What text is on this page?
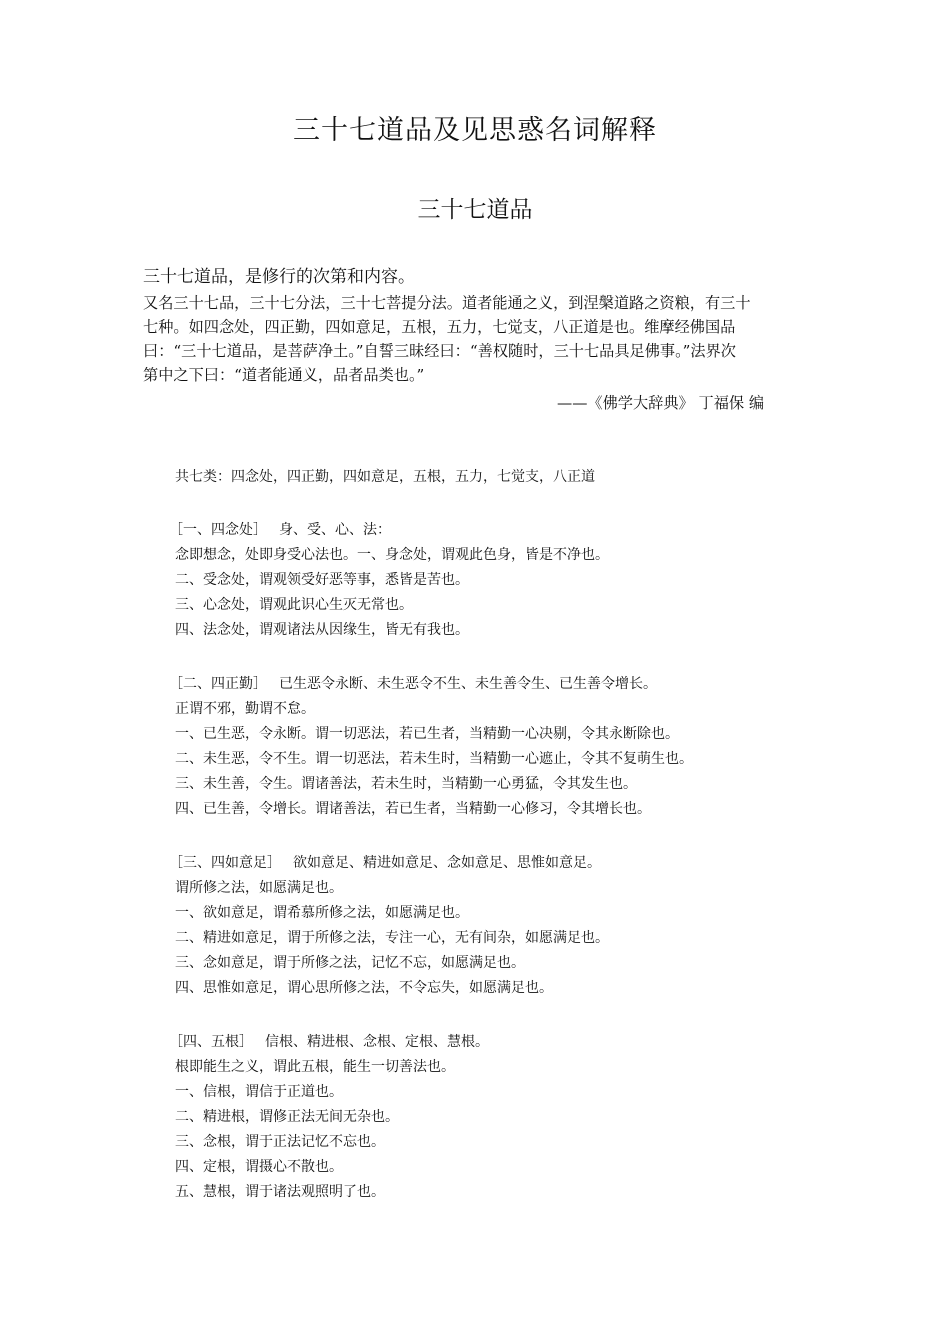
三十七道品及见思惑名词解释
三十七道品
三十七道品，是修行的次第和内容。
又名三十七品，三十七分法，三十七菩提分法。道者能通之义，到涅槃道路之资粮，有三十
七种。如四念处，四正勤，四如意足，五根，五力，七觉支，八正道是也。维摩经佛国品
曰：“三十七道品，是菩萨净土。”自誓三昧经曰：“善权随时，三十七品具足佛事。”法界次
第中之下曰：“道者能通义，品者品类也。”
——《佛学大辞典》 丁福保 编
共七类：四念处，四正勤，四如意足，五根，五力，七觉支，八正道
［一、四念处］ 身、受、心、法：
念即想念，处即身受心法也。一、身念处，谓观此色身，皆是不净也。
二、受念处，谓观领受好恶等事，悉皆是苦也。
三、心念处，谓观此识心生灭无常也。
四、法念处，谓观诸法从因缘生，皆无有我也。
［二、四正勤］ 已生恶令永断、未生恶令不生、未生善令生、已生善令增长。
正谓不邪，勤谓不怠。
一、已生恶，令永断。谓一切恶法，若已生者，当精勤一心决剔，令其永断除也。
二、未生恶，令不生。谓一切恶法，若未生时，当精勤一心遮止，令其不复萌生也。
三、未生善，令生。谓诸善法，若未生时，当精勤一心勇猛，令其发生也。
四、已生善，令增长。谓诸善法，若已生者，当精勤一心修习，令其增长也。
［三、四如意足］ 欲如意足、精进如意足、念如意足、思惟如意足。
谓所修之法，如愿满足也。
一、欲如意足，谓希慕所修之法，如愿满足也。
二、精进如意足，谓于所修之法，专注一心，无有间杂，如愿满足也。
三、念如意足，谓于所修之法，记忆不忘，如愿满足也。
四、思惟如意足，谓心思所修之法，不令忘失，如愿满足也。
［四、五根］ 信根、精进根、念根、定根、慧根。
根即能生之义，谓此五根，能生一切善法也。
一、信根，谓信于正道也。
二、精进根，谓修正法无间无杂也。
三、念根，谓于正法记忆不忘也。
四、定根，谓摄心不散也。
五、慧根，谓于诸法观照明了也。
